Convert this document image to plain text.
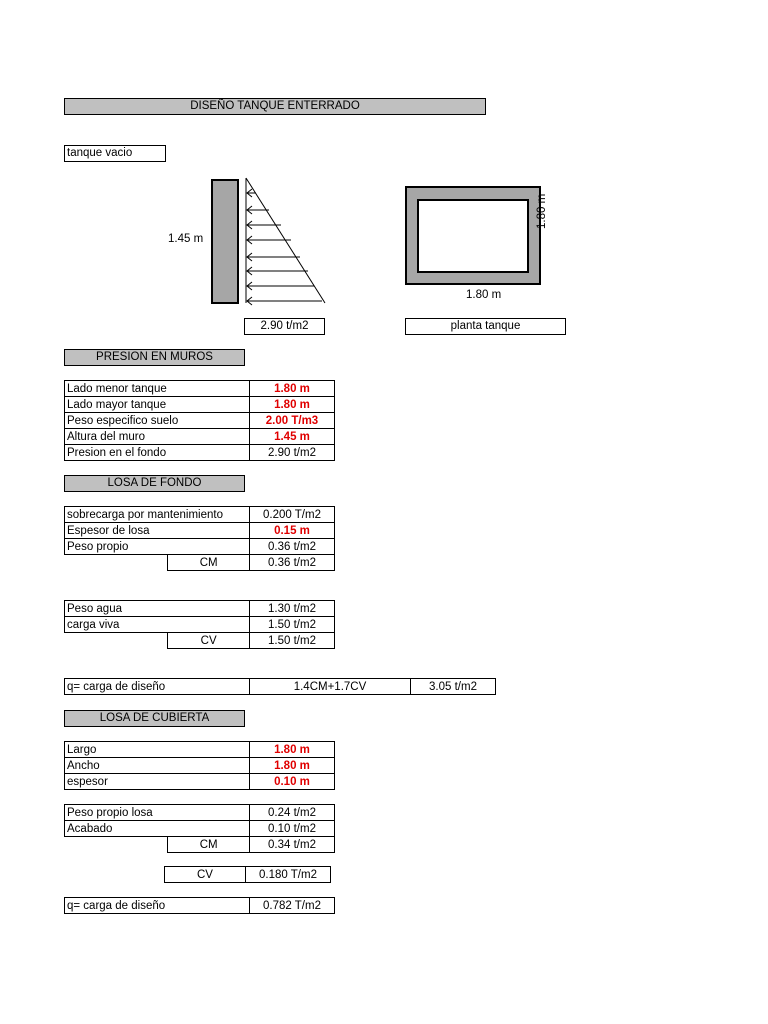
DISEÑO TANQUE ENTERRADO
tanque vacio
1.45 m
2.90 t/m2
1.80 m
1.80 m
planta tanque
PRESION EN MUROS
Lado menor tanque	1.80 m
Lado mayor tanque	1.80 m
Peso especifico suelo	2.00 T/m3
Altura del muro	1.45 m
Presion en el fondo	2.90 t/m2
LOSA DE FONDO
sobrecarga por mantenimiento		0.200 T/m2
Espesor de losa		0.15 m
Peso propio		0.36 t/m2
	CM	0.36 t/m2
Peso agua		1.30 t/m2
carga viva		1.50 t/m2
	CV	1.50 t/m2
q= carga de diseño	1.4CM+1.7CV	3.05 t/m2
LOSA DE CUBIERTA
Largo	1.80 m
Ancho	1.80 m
espesor	0.10 m
Peso propio losa		0.24 t/m2
Acabado		0.10 t/m2
	CM	0.34 t/m2
CV	0.180 T/m2
q= carga de diseño	0.782 T/m2
